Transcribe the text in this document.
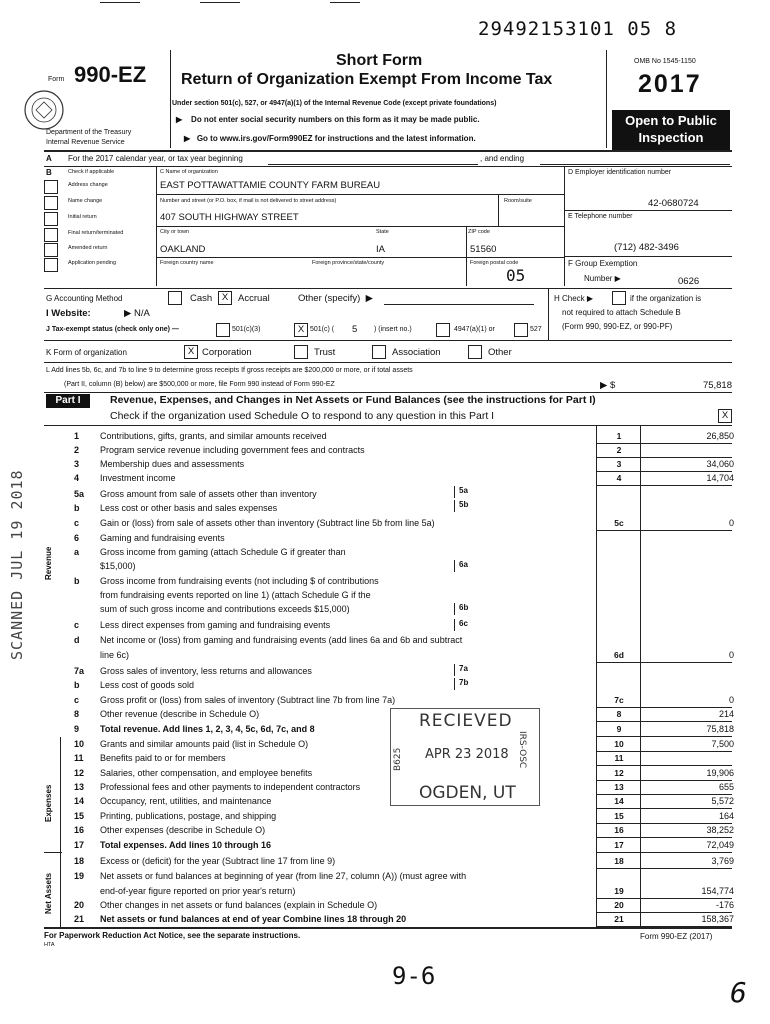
29492153101 05 8
Form 990-EZ
Short Form
Return of Organization Exempt From Income Tax
Under section 501(c), 527, or 4947(a)(1) of the Internal Revenue Code (except private foundations)
▶    Do not enter social security numbers on this form as it may be made public.
▶   Go to www.irs.gov/Form990EZ for instructions and the latest information.
Department of the Treasury
Internal Revenue Service
OMB No 1545-1150
2017
Open to Public Inspection
A For the 2017 calendar year, or tax year beginning	, and ending
B	Check if applicable
Address change
Name change
Initial return
Final return/terminated
Amended return
Application pending
C Name of organization
EAST POTTAWATTAMIE COUNTY FARM BUREAU
Number and street (or P.O. box, if mail is not delivered to street address)	Room/suite
407 SOUTH HIGHWAY STREET
City or town	State	ZIP code
OAKLAND	IA	51560
Foreign country name	Foreign province/state/county	Foreign postal code
05
D Employer identification number
42-0680724
E Telephone number
(712) 482-3496
F Group Exemption
Number ▶	0626
G Accounting Method	Cash	X	Accrual	Other (specify)  ▶
I Website:	▶ N/A
H Check ▶	if the organization is
not required to attach Schedule B
(Form 990, 990-EZ, or 990-PF)
J Tax-exempt status (check only one) —	501(c)(3)	X 501(c) ( 5 ) (insert no.)	4947(a)(1) or	527
K Form of organization	X Corporation	Trust	Association	Other
L Add lines 5b, 6c, and 7b to line 9 to determine gross receipts If gross receipts are $200,000 or more, or if total assets
(Part II, column (B) below) are $500,000 or more, file Form 990 instead of Form 990-EZ	▶ $	75,818
Part I	Revenue, Expenses, and Changes in Net Assets or Fund Balances (see the instructions for Part I)
Check if the organization used Schedule O to respond to any question in this Part I	X
Revenue
Expenses
Net Assets
1	Contributions, gifts, grants, and similar amounts received	1	26,850
2	Program service revenue including government fees and contracts	2
3	Membership dues and assessments	3	34,060
4	Investment income	4	14,704
5a	Gross amount from sale of assets other than inventory
b	Less cost or other basis and sales expenses
c	Gain or (loss) from sale of assets other than inventory (Subtract line 5b from line 5a)	5c	0
6	Gaming and fundraising events
a	Gross income from gaming (attach Schedule G if greater than
$15,000)
b	Gross income from fundraising events (not including $ of contributions
from fundraising events reported on line 1) (attach Schedule G if the
sum of such gross income and contributions exceeds $15,000)
c	Less direct expenses from gaming and fundraising events
d	Net income or (loss) from gaming and fundraising events (add lines 6a and 6b and subtract
line 6c)	6d	0
7a	Gross sales of inventory, less returns and allowances
b	Less cost of goods sold
c	Gross profit or (loss) from sales of inventory (Subtract line 7b from line 7a)	7c	0
8	Other revenue (describe in Schedule O)	8	214
9	Total revenue. Add lines 1, 2, 3, 4, 5c, 6d, 7c, and 8	9	75,818
10	Grants and similar amounts paid (list in Schedule O)	10	7,500
11	Benefits paid to or for members	11
12	Salaries, other compensation, and employee benefits	12	19,906
13	Professional fees and other payments to independent contractors	13	655
14	Occupancy, rent, utilities, and maintenance	14	5,572
15	Printing, publications, postage, and shipping	15	164
16	Other expenses (describe in Schedule O)	16	38,252
17	Total expenses. Add lines 10 through 16	17	72,049
18	Excess or (deficit) for the year (Subtract line 17 from line 9)	18	3,769
19	Net assets or fund balances at beginning of year (from line 27, column (A)) (must agree with
end-of-year figure reported on prior year's return)	19	154,774
20	Other changes in net assets or fund balances (explain in Schedule O)	20	-176
21	Net assets or fund balances at end of year Combine lines 18 through 20	21	158,367
5a
5b
6a
6b
6c
7a
7b
For Paperwork Reduction Act Notice, see the separate instructions.
HTA
Form 990-EZ (2017)
RECIEVED
APR 23 2018
B625	IRS-OSC
OGDEN, UT
SCANNED JUL 19 2018
9-6	6
